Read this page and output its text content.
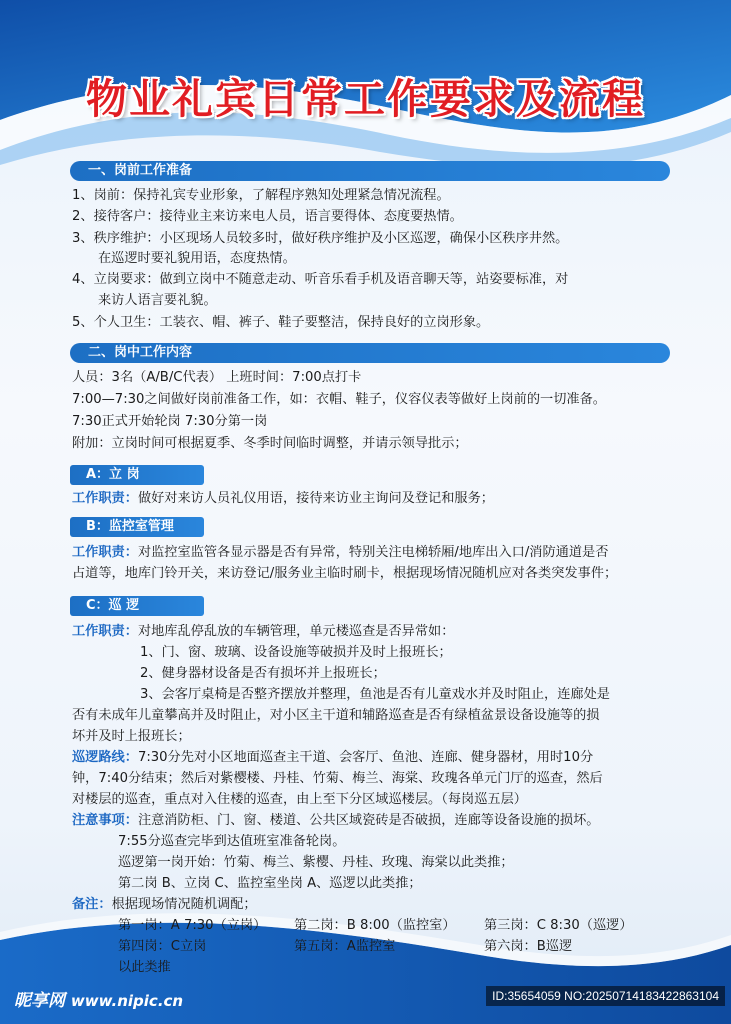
物业礼宾日常工作要求及流程
一、岗前工作准备
1、岗前：保持礼宾专业形象，了解程序熟知处理紧急情况流程。
2、接待客户：接待业主来访来电人员，语言要得体、态度要热情。
3、秩序维护：小区现场人员较多时，做好秩序维护及小区巡逻，确保小区秩序井然。
在巡逻时要礼貌用语，态度热情。
4、立岗要求：做到立岗中不随意走动、听音乐看手机及语音聊天等，站姿要标准，对
来访人语言要礼貌。
5、个人卫生：工装衣、帽、裤子、鞋子要整洁，保持良好的立岗形象。
二、岗中工作内容
人员：3名（A/B/C代表） 上班时间：7:00点打卡
7:00—7:30之间做好岗前准备工作，如：衣帽、鞋子，仪容仪表等做好上岗前的一切准备。
7:30正式开始轮岗 7:30分第一岗
附加：立岗时间可根据夏季、冬季时间临时调整，并请示领导批示；
A：立 岗
工作职责：做好对来访人员礼仪用语，接待来访业主询问及登记和服务；
B：监控室管理
工作职责：对监控室监管各显示器是否有异常，特别关注电梯轿厢/地库出入口/消防通道是否
占道等，地库门铃开关，来访登记/服务业主临时刷卡，根据现场情况随机应对各类突发事件；
C：巡 逻
工作职责：对地库乱停乱放的车辆管理，单元楼巡查是否异常如：
1、门、窗、玻璃、设备设施等破损并及时上报班长；
2、健身器材设备是否有损坏并上报班长；
3、会客厅桌椅是否整齐摆放并整理，鱼池是否有儿童戏水并及时阻止，连廊处是
否有未成年儿童攀高并及时阻止，对小区主干道和辅路巡查是否有绿植盆景设备设施等的损
坏并及时上报班长；
巡逻路线：7:30分先对小区地面巡查主干道、会客厅、鱼池、连廊、健身器材，用时10分
钟，7:40分结束；然后对紫樱楼、丹桂、竹菊、梅兰、海棠、玫瑰各单元门厅的巡查，然后
对楼层的巡查，重点对入住楼的巡查，由上至下分区域巡楼层。（每岗巡五层）
注意事项：注意消防柜、门、窗、楼道、公共区域瓷砖是否破损，连廊等设备设施的损坏。
7:55分巡查完毕到达值班室准备轮岗。
巡逻第一岗开始：竹菊、梅兰、紫樱、丹桂、玫瑰、海棠以此类推；
第二岗 B、立岗 C、监控室坐岗 A、巡逻以此类推；
备注：根据现场情况随机调配；
第一岗：A 7:30（立岗） 第二岗：B 8:00（监控室） 第三岗：C 8:30（巡逻）
第四岗：C立岗	第五岗：A监控室	第六岗：B巡逻
以此类推
昵享网 www.nipic.cn	ID:35654059 NO:20250714183422863104
